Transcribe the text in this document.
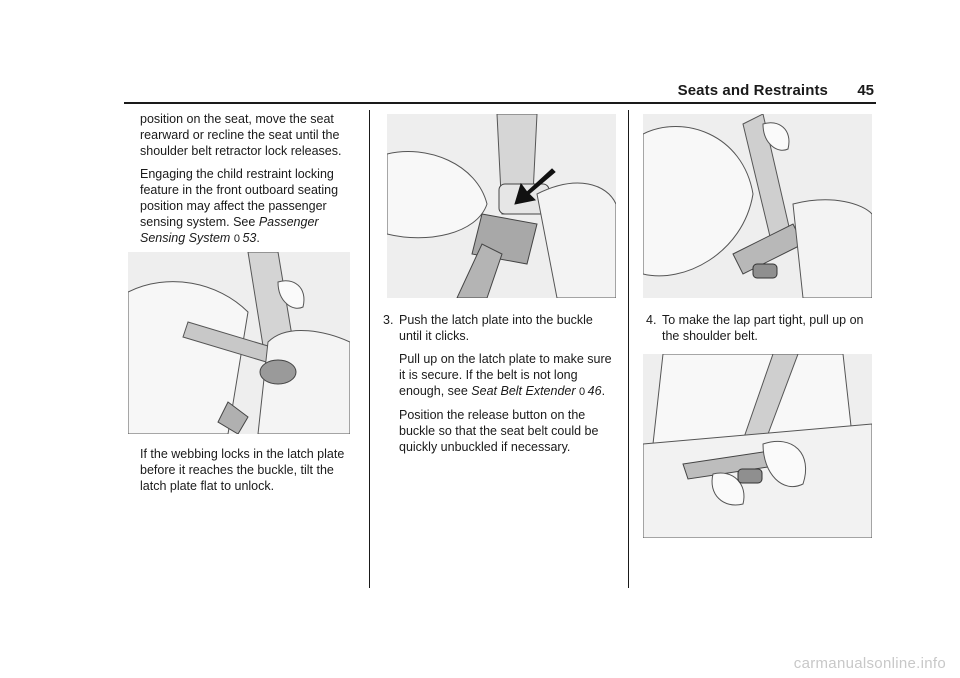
Seats and Restraints 45

position on the seat, move the seat rearward or recline the seat until the shoulder belt retractor lock releases.

Engaging the child restraint locking feature in the front outboard seating position may affect the passenger sensing system. See Passenger Sensing System 0  53.

If the webbing locks in the latch plate before it reaches the buckle, tilt the latch plate flat to unlock.

3. Push the latch plate into the buckle until it clicks.

Pull up on the latch plate to make sure it is secure. If the belt is not long enough, see Seat Belt Extender 0  46.

Position the release button on the buckle so that the seat belt could be quickly unbuckled if necessary.

4. To make the lap part tight, pull up on the shoulder belt.
carmanualsonline.info
